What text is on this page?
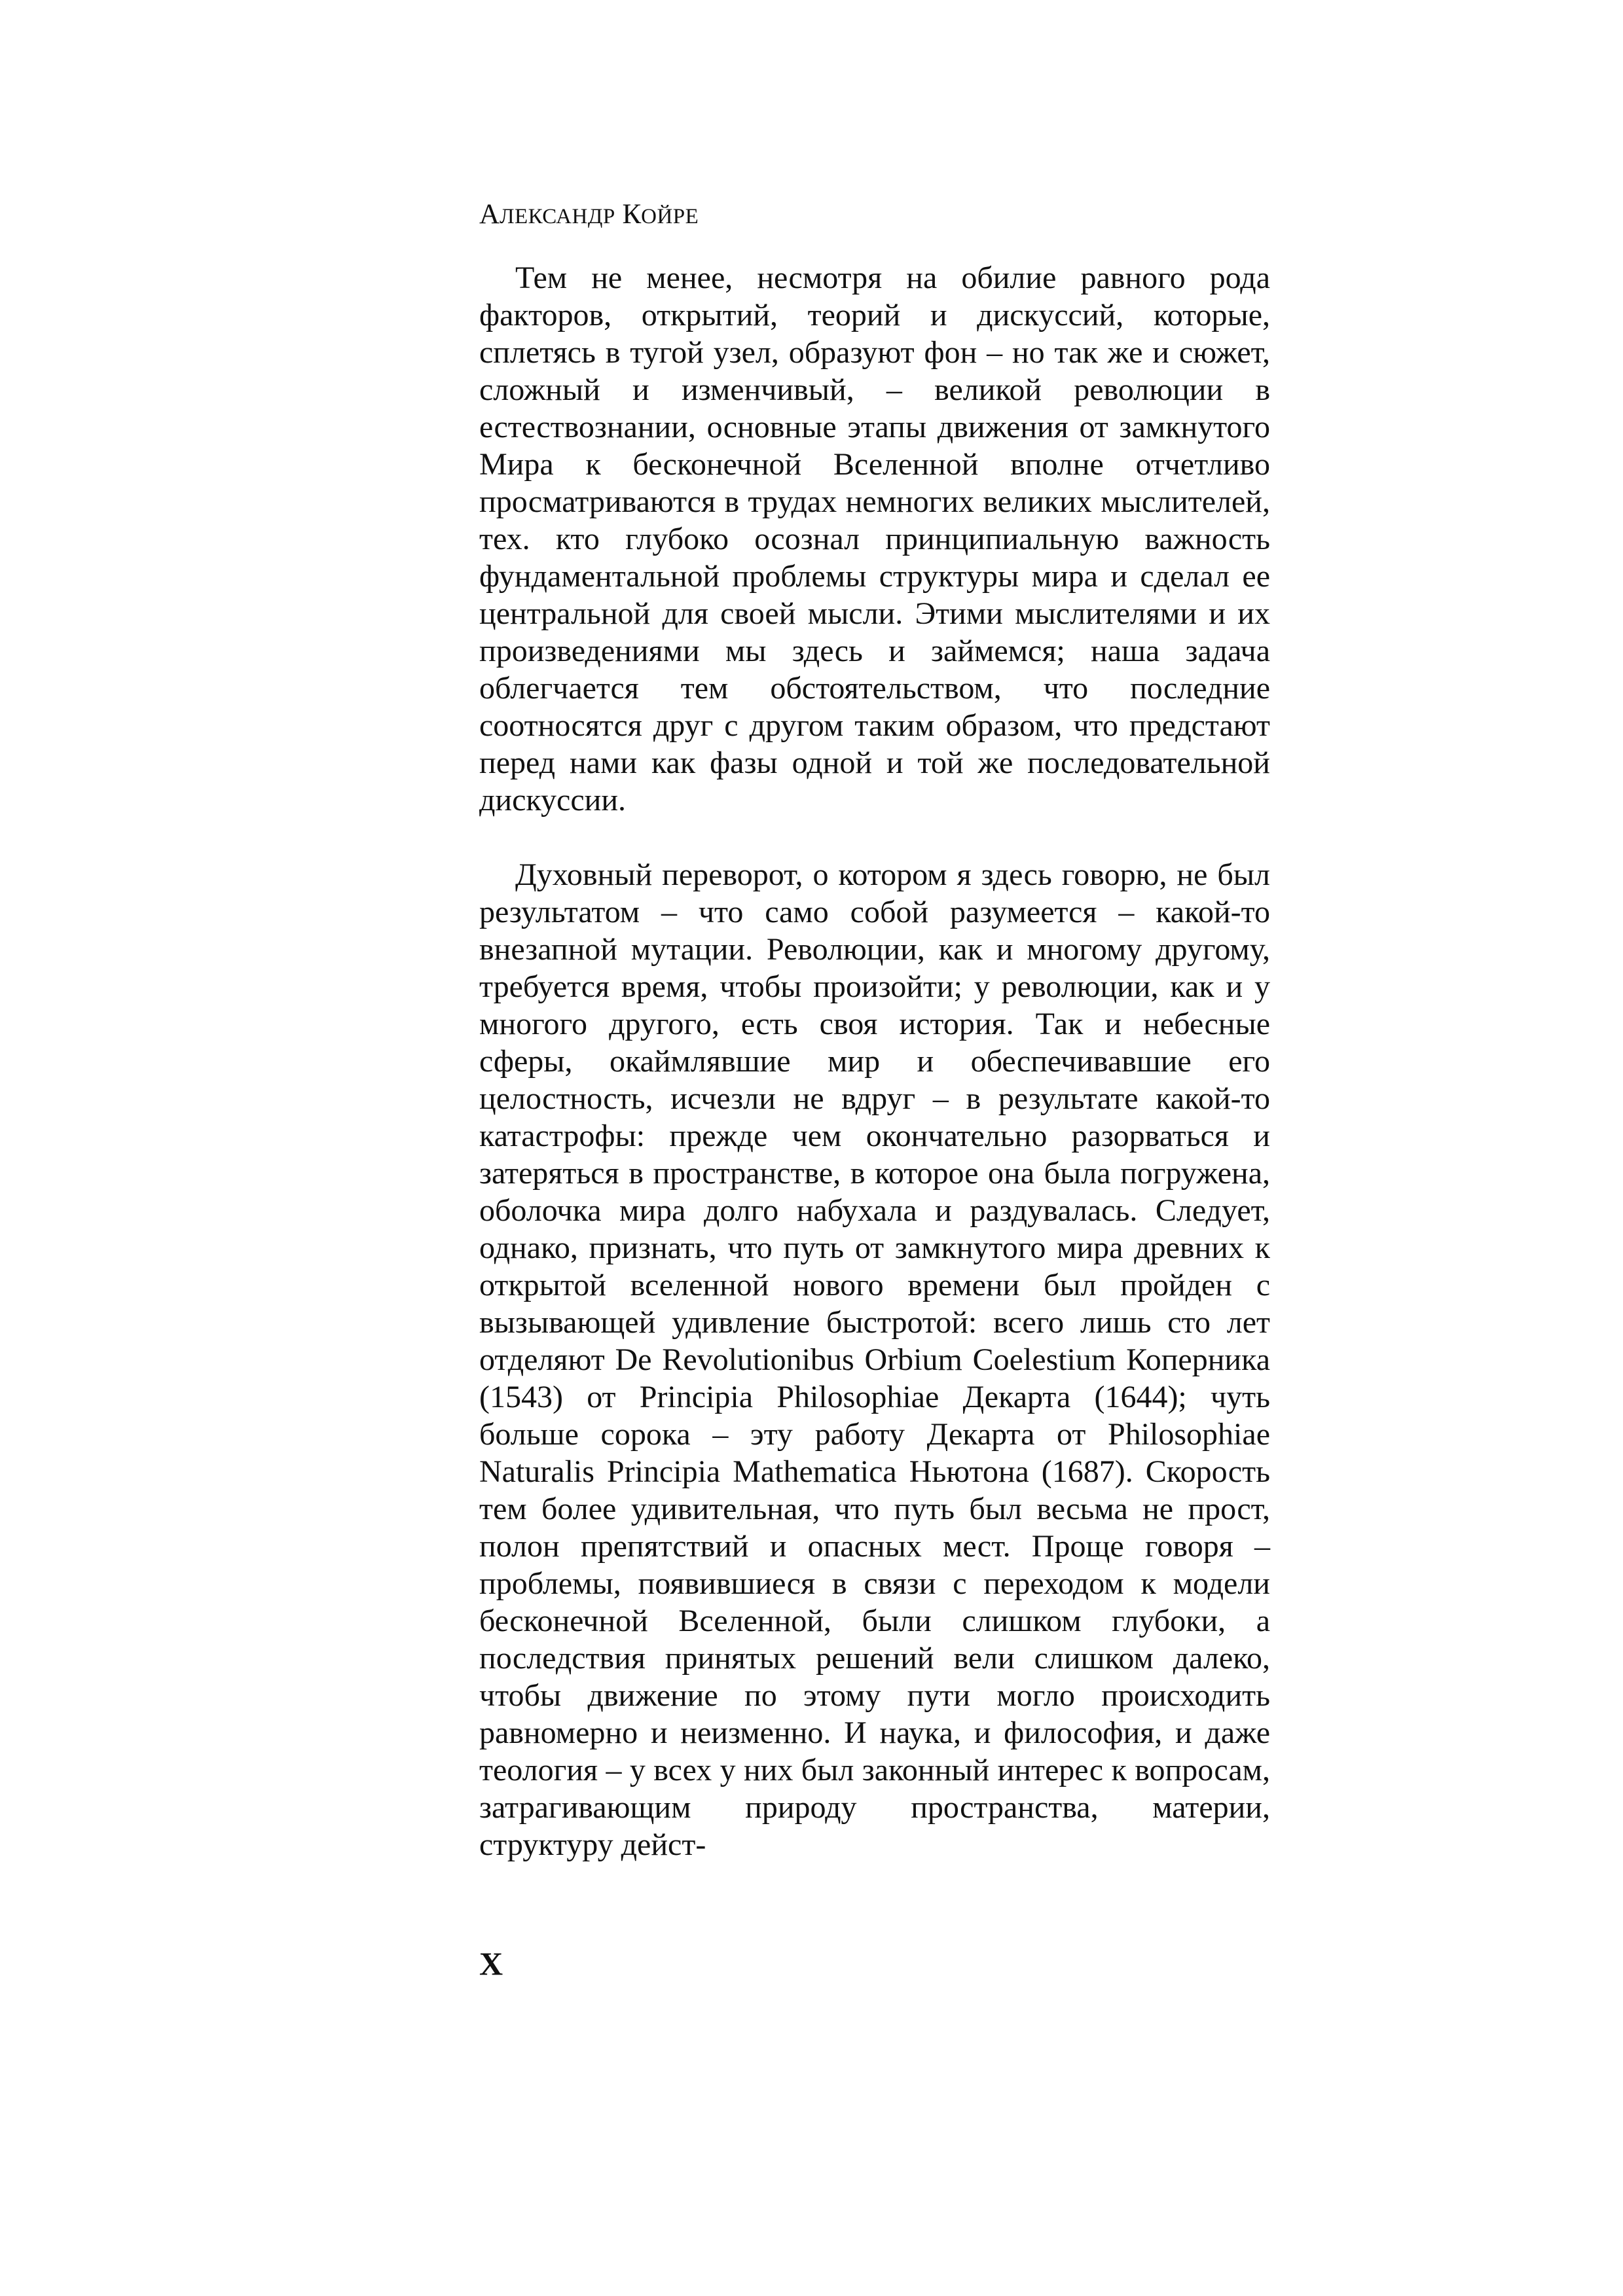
АЛЕКСАНДР КОЙРЕ

Тем не менее, несмотря на обилие равного рода факторов, открытий, теорий и дискуссий, которые, сплетясь в тугой узел, образуют фон – но так же и сюжет, сложный и изменчивый, – великой революции в естествознании, основные этапы движения от замкнутого Мира к бесконечной Вселенной вполне отчетливо просматриваются в трудах немногих великих мыслителей, тех. кто глубоко осознал принципиальную важность фундаментальной проблемы структуры мира и сделал ее центральной для своей мысли. Этими мыслителями и их произведениями мы здесь и займемся; наша задача облегчается тем обстоятельством, что последние соотносятся друг с другом таким образом, что предстают перед нами как фазы одной и той же последовательной дискуссии.

Духовный переворот, о котором я здесь говорю, не был результатом – что само собой разумеется – какой-то внезапной мутации. Революции, как и многому другому, требуется время, чтобы произойти; у революции, как и у многого другого, есть своя история. Так и небесные сферы, окаймлявшие мир и обеспечивавшие его целостность, исчезли не вдруг – в результате какой-то катастрофы: прежде чем окончательно разорваться и затеряться в пространстве, в которое она была погружена, оболочка мира долго набухала и раздувалась. Следует, однако, признать, что путь от замкнутого мира древних к открытой вселенной нового времени был пройден с вызывающей удивление быстротой: всего лишь сто лет отделяют De Revolutionibus Orbium Coelestium Коперника (1543) от Principia Philosophiae Декарта (1644); чуть больше сорока – эту работу Декарта от Philosophiae Naturalis Principia Mathematica Ньютона (1687). Скорость тем более удивительная, что путь был весьма не прост, полон препятствий и опасных мест. Проще говоря – проблемы, появившиеся в связи с переходом к модели бесконечной Вселенной, были слишком глубоки, а последствия принятых решений вели слишком далеко, чтобы движение по этому пути могло происходить равномерно и неизменно. И наука, и философия, и даже теология – у всех у них был законный интерес к вопросам, затрагивающим природу пространства, материи, структуру дейст-

X
